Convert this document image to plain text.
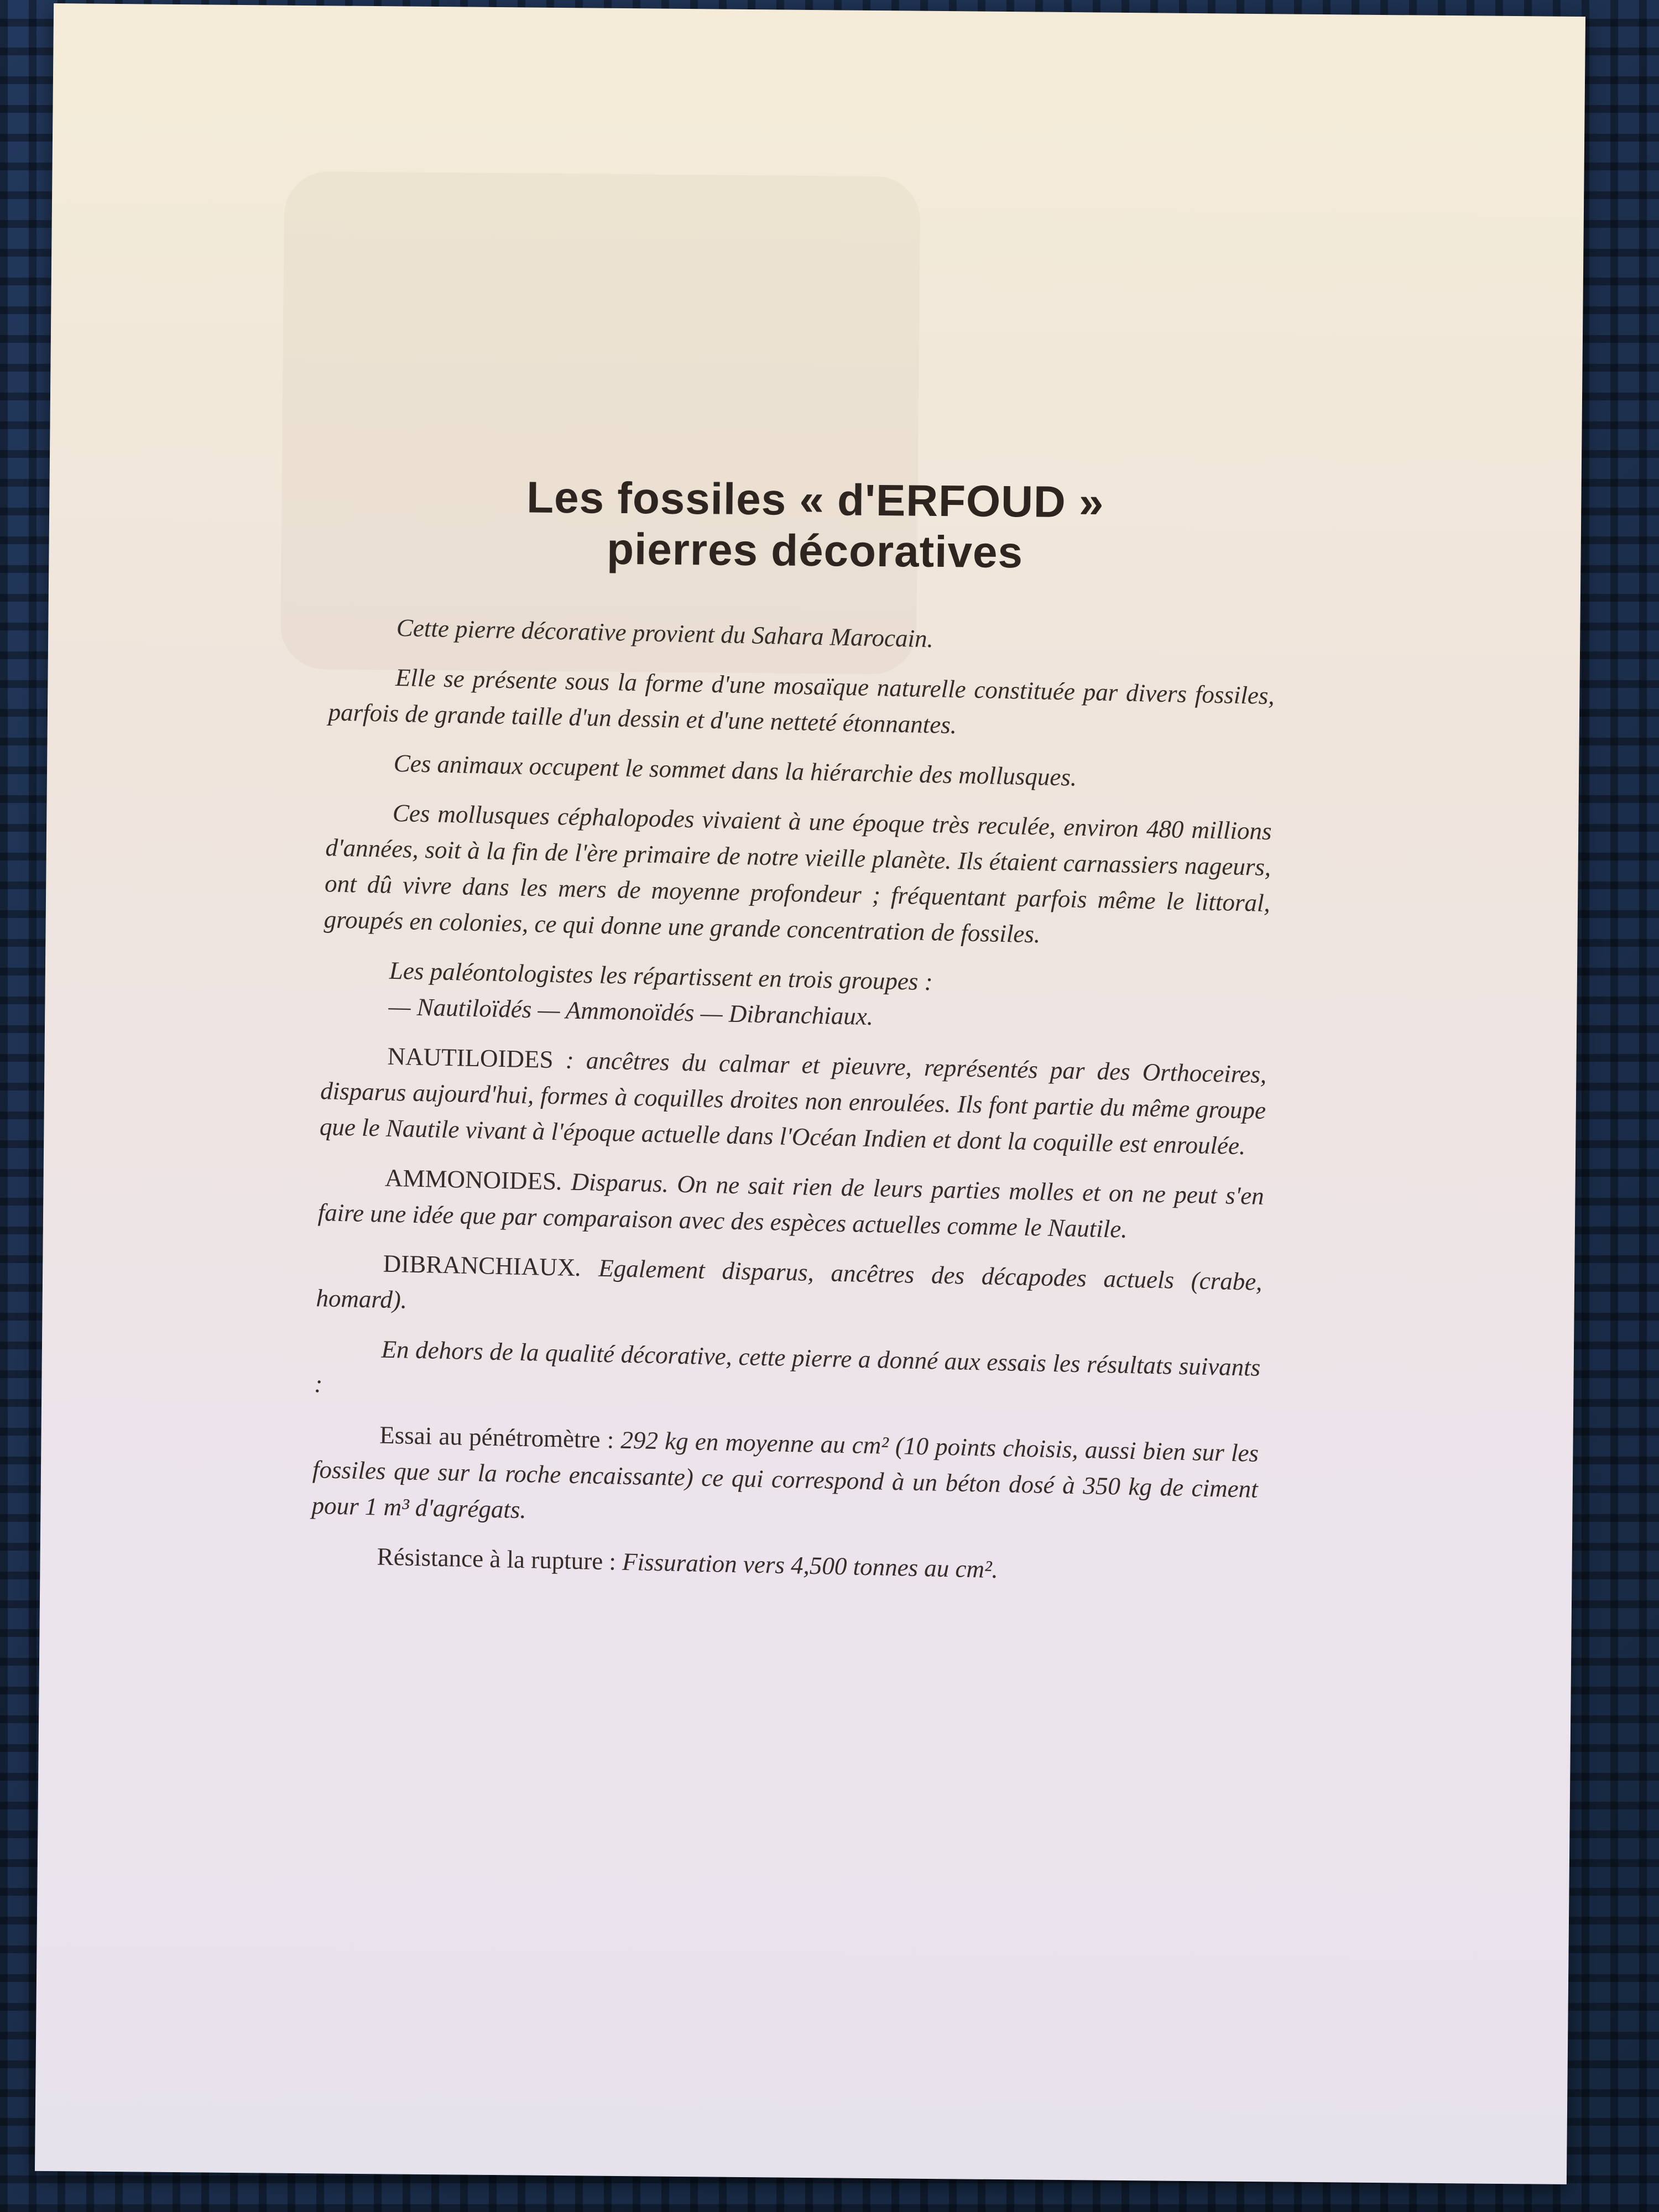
Les fossiles « d'ERFOUD »
pierres décoratives

Cette pierre décorative provient du Sahara Marocain.

Elle se présente sous la forme d'une mosaïque naturelle constituée par divers fossiles, parfois de grande taille d'un dessin et d'une netteté étonnantes.

Ces animaux occupent le sommet dans la hiérarchie des mollusques.

Ces mollusques céphalopodes vivaient à une époque très reculée, environ 480 millions d'années, soit à la fin de l'ère primaire de notre vieille planète. Ils étaient carnassiers nageurs, ont dû vivre dans les mers de moyenne profondeur ; fréquentant parfois même le littoral, groupés en colonies, ce qui donne une grande concentration de fossiles.

Les paléontologistes les répartissent en trois groupes :

— Nautiloïdés — Ammonoïdés — Dibranchiaux.

NAUTILOIDES : ancêtres du calmar et pieuvre, représentés par des Orthoceires, disparus aujourd'hui, formes à coquilles droites non enroulées. Ils font partie du même groupe que le Nautile vivant à l'époque actuelle dans l'Océan Indien et dont la coquille est enroulée.

AMMONOIDES. Disparus. On ne sait rien de leurs parties molles et on ne peut s'en faire une idée que par comparaison avec des espèces actuelles comme le Nautile.

DIBRANCHIAUX. Egalement disparus, ancêtres des décapodes actuels (crabe, homard).

En dehors de la qualité décorative, cette pierre a donné aux essais les résultats suivants :

Essai au pénétromètre : 292 kg en moyenne au cm² (10 points choisis, aussi bien sur les fossiles que sur la roche encaissante) ce qui correspond à un béton dosé à 350 kg de ciment pour 1 m³ d'agrégats.

Résistance à la rupture : Fissuration vers 4,500 tonnes au cm².
